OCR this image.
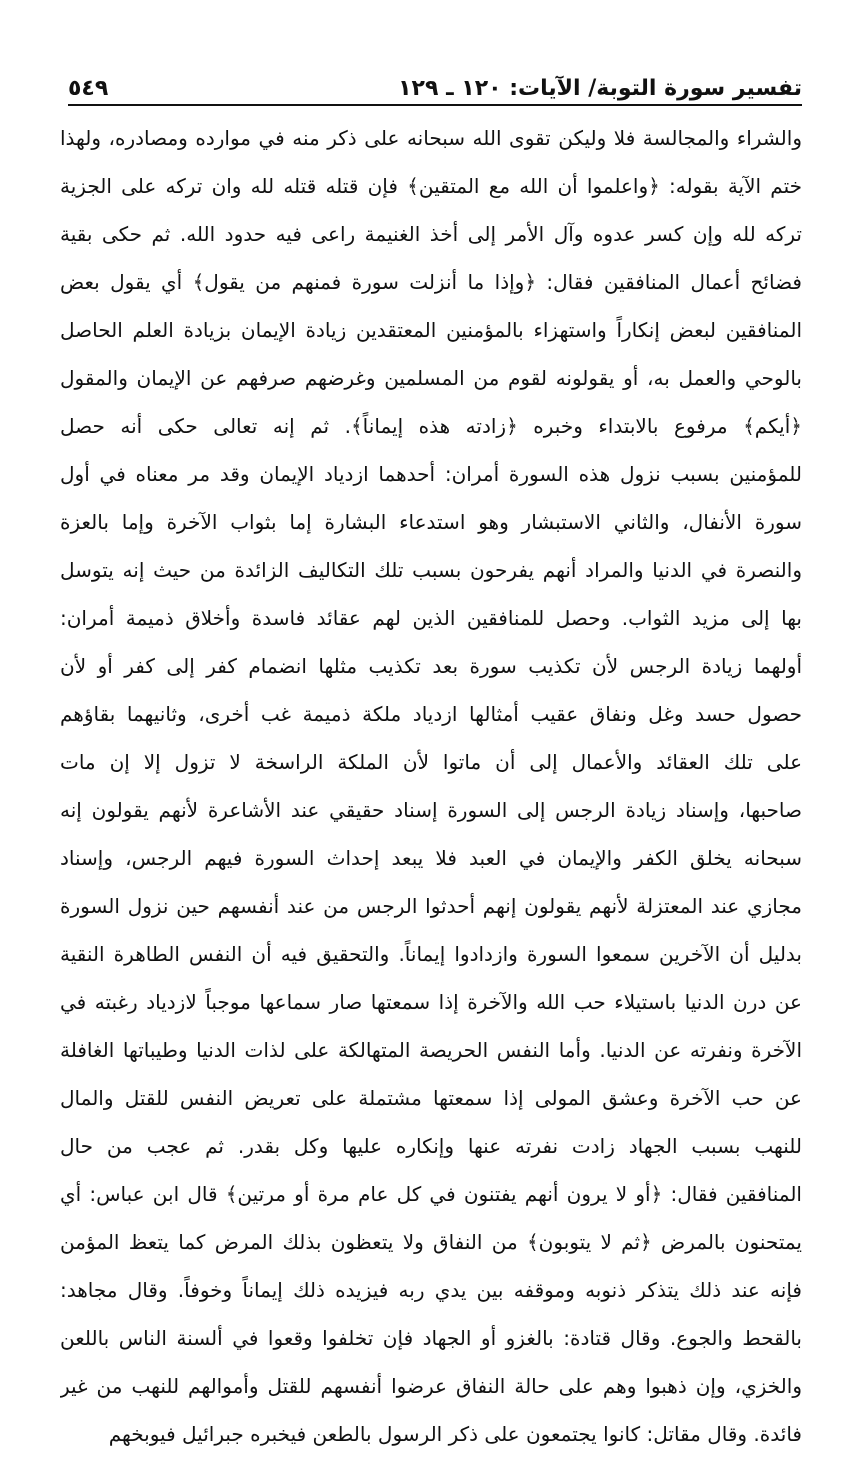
تفسير سورة التوبة/ الآيات: ١٢٠ ـ ١٢٩
٥٤٩
والشراء والمجالسة فلا وليكن تقوى الله سبحانه على ذكر منه في موارده ومصادره، ولهذا
ختم الآية بقوله: ﴿واعلموا أن الله مع المتقين﴾ فإن قتله قتله لله وان تركه على الجزية
تركه لله وإن كسر عدوه وآل الأمر إلى أخذ الغنيمة راعى فيه حدود الله. ثم حكى بقية
فضائح أعمال المنافقين فقال: ﴿وإذا ما أنزلت سورة فمنهم من يقول﴾ أي يقول بعض
المنافقين لبعض إنكاراً واستهزاء بالمؤمنين المعتقدين زيادة الإيمان بزيادة العلم الحاصل
بالوحي والعمل به، أو يقولونه لقوم من المسلمين وغرضهم صرفهم عن الإيمان والمقول
﴿أيكم﴾ مرفوع بالابتداء وخبره ﴿زادته هذه إيماناً﴾. ثم إنه تعالى حكى أنه حصل
للمؤمنين بسبب نزول هذه السورة أمران: أحدهما ازدياد الإيمان وقد مر معناه في أول
سورة الأنفال، والثاني الاستبشار وهو استدعاء البشارة إما بثواب الآخرة وإما بالعزة
والنصرة في الدنيا والمراد أنهم يفرحون بسبب تلك التكاليف الزائدة من حيث إنه يتوسل
بها إلى مزيد الثواب. وحصل للمنافقين الذين لهم عقائد فاسدة وأخلاق ذميمة أمران:
أولهما زيادة الرجس لأن تكذيب سورة بعد تكذيب مثلها انضمام كفر إلى كفر أو لأن
حصول حسد وغل ونفاق عقيب أمثالها ازدياد ملكة ذميمة غب أخرى، وثانيهما بقاؤهم
على تلك العقائد والأعمال إلى أن ماتوا لأن الملكة الراسخة لا تزول إلا إن مات
صاحبها، وإسناد زيادة الرجس إلى السورة إسناد حقيقي عند الأشاعرة لأنهم يقولون إنه
سبحانه يخلق الكفر والإيمان في العبد فلا يبعد إحداث السورة فيهم الرجس، وإسناد
مجازي عند المعتزلة لأنهم يقولون إنهم أحدثوا الرجس من عند أنفسهم حين نزول السورة
بدليل أن الآخرين سمعوا السورة وازدادوا إيماناً. والتحقيق فيه أن النفس الطاهرة النقية
عن درن الدنيا باستيلاء حب الله والآخرة إذا سمعتها صار سماعها موجباً لازدياد رغبته في
الآخرة ونفرته عن الدنيا. وأما النفس الحريصة المتهالكة على لذات الدنيا وطيباتها الغافلة
عن حب الآخرة وعشق المولى إذا سمعتها مشتملة على تعريض النفس للقتل والمال
للنهب بسبب الجهاد زادت نفرته عنها وإنكاره عليها وكل بقدر. ثم عجب من حال
المنافقين فقال: ﴿أو لا يرون أنهم يفتنون في كل عام مرة أو مرتين﴾ قال ابن عباس: أي
يمتحنون بالمرض ﴿ثم لا يتوبون﴾ من النفاق ولا يتعظون بذلك المرض كما يتعظ المؤمن
فإنه عند ذلك يتذكر ذنوبه وموقفه بين يدي ربه فيزيده ذلك إيماناً وخوفاً. وقال مجاهد:
بالقحط والجوع. وقال قتادة: بالغزو أو الجهاد فإن تخلفوا وقعوا في ألسنة الناس باللعن
والخزي، وإن ذهبوا وهم على حالة النفاق عرضوا أنفسهم للقتل وأموالهم للنهب من غير
فائدة. وقال مقاتل: كانوا يجتمعون على ذكر الرسول بالطعن فيخبره جبرائيل فيوبخهم
